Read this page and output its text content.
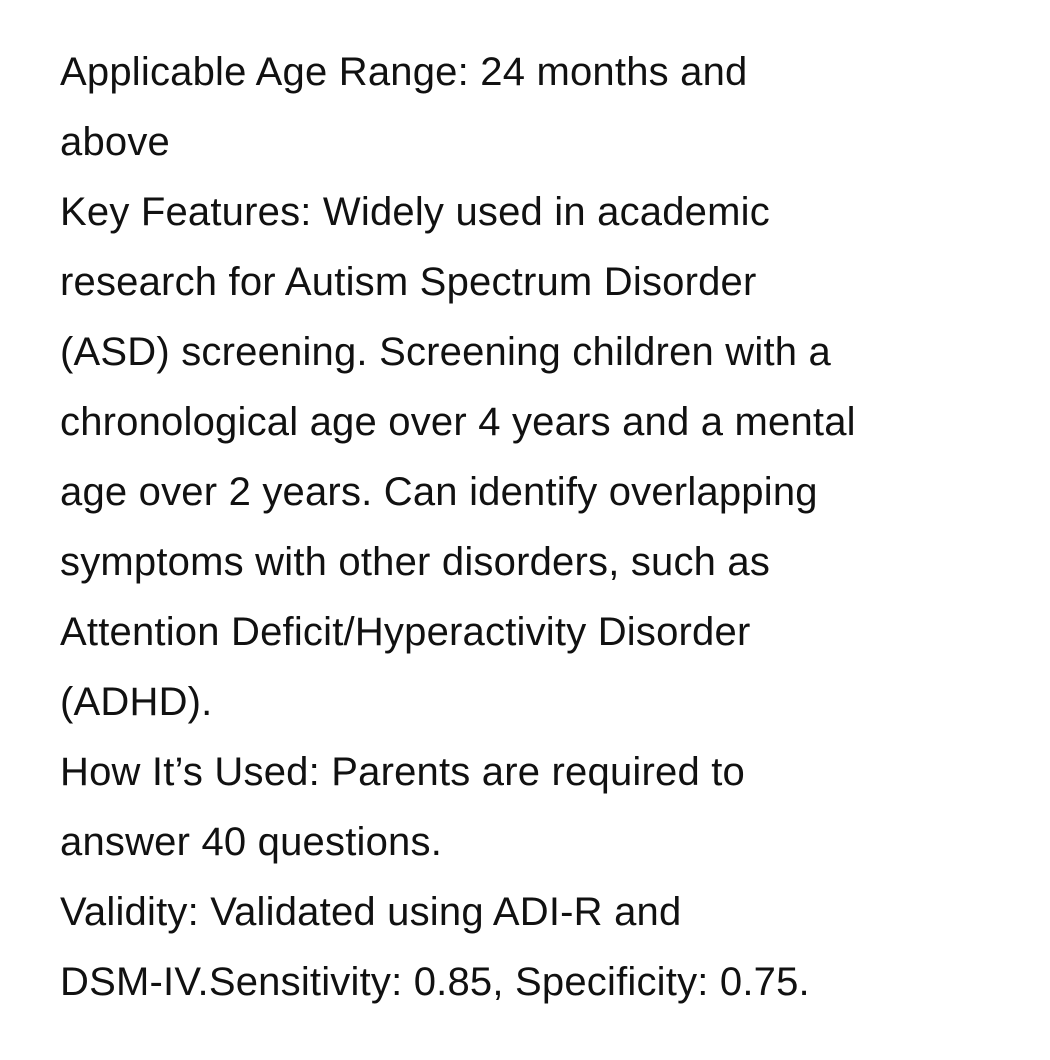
Applicable Age Range: 24 months and
above
Key Features: Widely used in academic
research for Autism Spectrum Disorder
(ASD) screening. Screening children with a
chronological age over 4 years and a mental
age over 2 years. Can identify overlapping
symptoms with other disorders, such as
Attention Deficit/Hyperactivity Disorder
(ADHD).
How It’s Used: Parents are required to
answer 40 questions.
Validity: Validated using ADI-R and
DSM-IV.Sensitivity: 0.85, Specificity: 0.75.
